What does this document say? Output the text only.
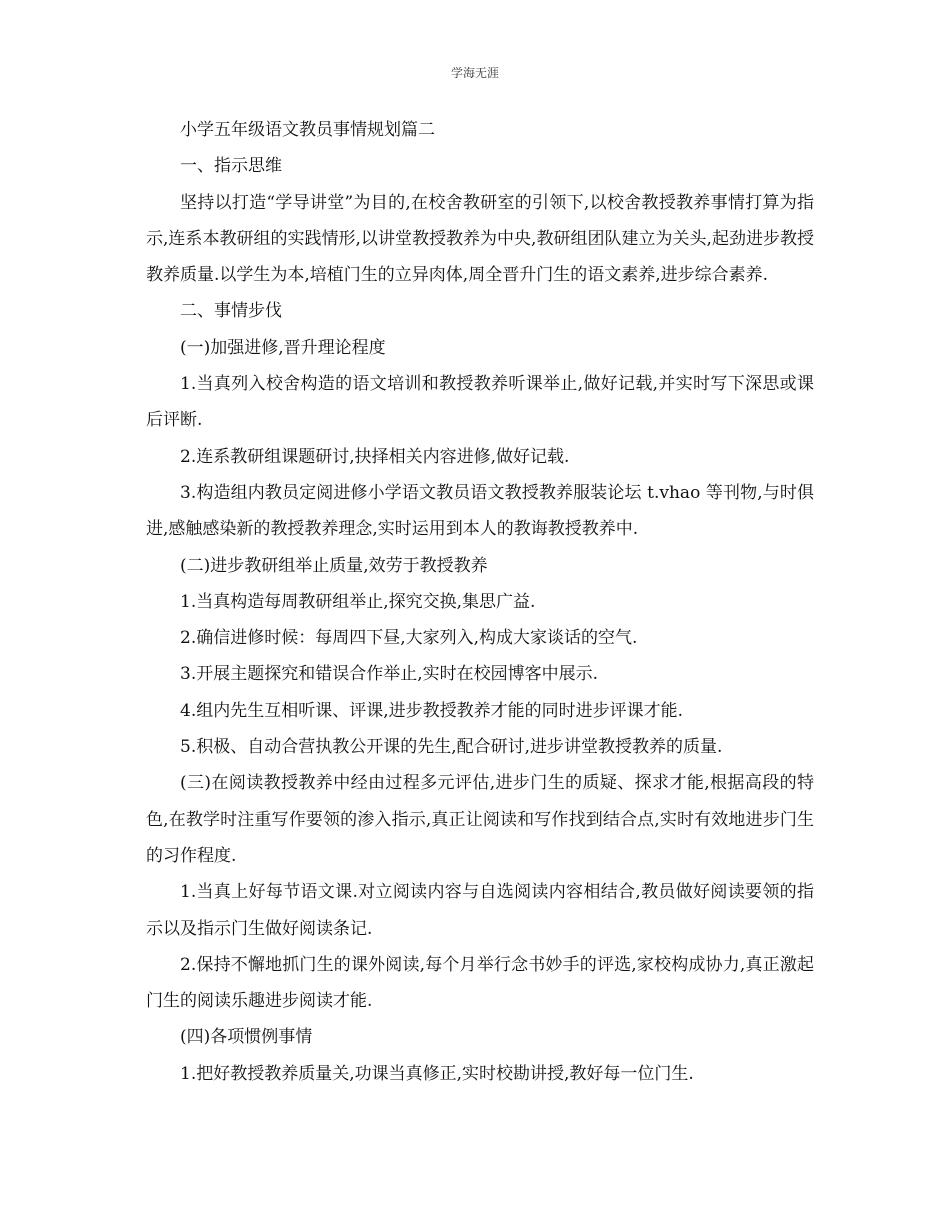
学海无涯

小学五年级语文教员事情规划篇二

一、指示思维

坚持以打造“学导讲堂”为目的,在校舍教研室的引领下,以校舍教授教养事情打算为指示,连系本教研组的实践情形,以讲堂教授教养为中央,教研组团队建立为关头,起劲进步教授教养质量.以学生为本,培植门生的立异肉体,周全晋升门生的语文素养,进步综合素养.

二、事情步伐

(一)加强进修,晋升理论程度

1.当真列入校舍构造的语文培训和教授教养听课举止,做好记载,并实时写下深思或课后评断.

2.连系教研组课题研讨,抉择相关内容进修,做好记载.

3.构造组内教员定阅进修小学语文教员语文教授教养服装论坛 t.vhao 等刊物,与时俱进,感触感染新的教授教养理念,实时运用到本人的教诲教授教养中.

(二)进步教研组举止质量,效劳于教授教养

1.当真构造每周教研组举止,探究交换,集思广益.

2.确信进修时候：每周四下昼,大家列入,构成大家谈话的空气.

3.开展主题探究和错误合作举止,实时在校园博客中展示.

4.组内先生互相听课、评课,进步教授教养才能的同时进步评课才能.

5.积极、自动合营执教公开课的先生,配合研讨,进步讲堂教授教养的质量.

(三)在阅读教授教养中经由过程多元评估,进步门生的质疑、探求才能,根据高段的特色,在教学时注重写作要领的渗入指示,真正让阅读和写作找到结合点,实时有效地进步门生的习作程度.

1.当真上好每节语文课.对立阅读内容与自选阅读内容相结合,教员做好阅读要领的指示以及指示门生做好阅读条记.

2.保持不懈地抓门生的课外阅读,每个月举行念书妙手的评选,家校构成协力,真正激起门生的阅读乐趣进步阅读才能.

(四)各项惯例事情

1.把好教授教养质量关,功课当真修正,实时校勘讲授,教好每一位门生.
